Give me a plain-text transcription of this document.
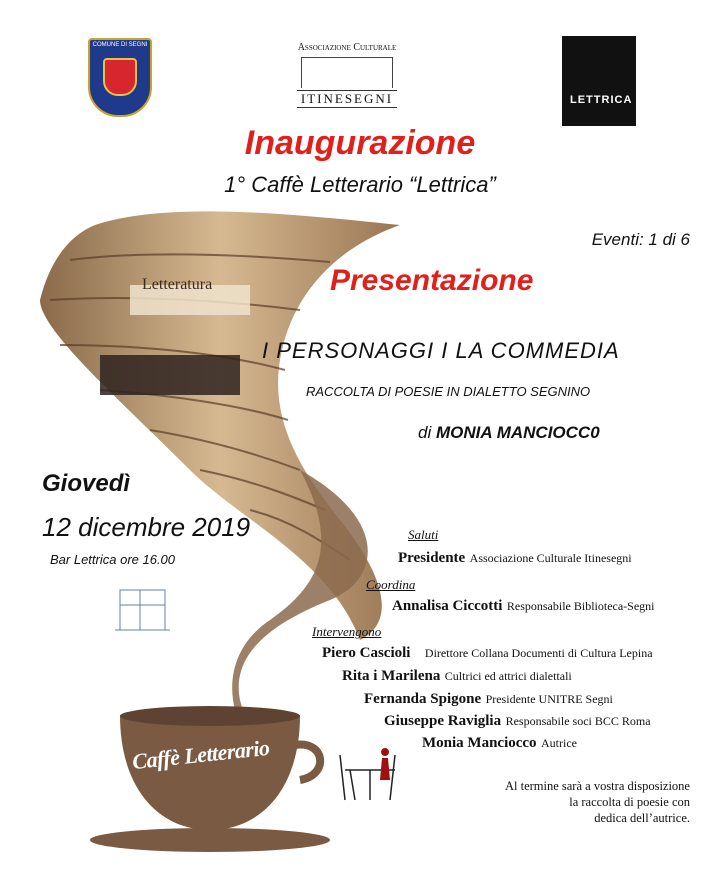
COMUNE DI SEGNI	Associazione Culturale
ITINESEGNI	LETTRICA
Inaugurazione
1° Caffè Letterario “Lettrica”
Eventi: 1 di 6
Presentazione
Letteratura
I PERSONAGGI I LA COMMEDIA
RACCOLTA DI POESIE IN DIALETTO SEGNINO
di MONIA MANCIOCC0
Giovedì
12 dicembre 2019
Bar Lettrica ore 16.00
Saluti
Presidente Associazione Culturale Itinesegni
Coordina
Annalisa Ciccotti Responsabile Biblioteca-Segni
Intervengono
Piero Cascioli Direttore Collana Documenti di Cultura Lepina
Rita i Marilena Cultrici ed attrici dialettali
Fernanda Spigone Presidente UNITRE Segni
Giuseppe Raviglia Responsabile soci BCC Roma
Monia Manciocco Autrice
Caffè Letterario
Al termine sarà a vostra disposizione
la raccolta di poesie con
dedica dell’autrice.
